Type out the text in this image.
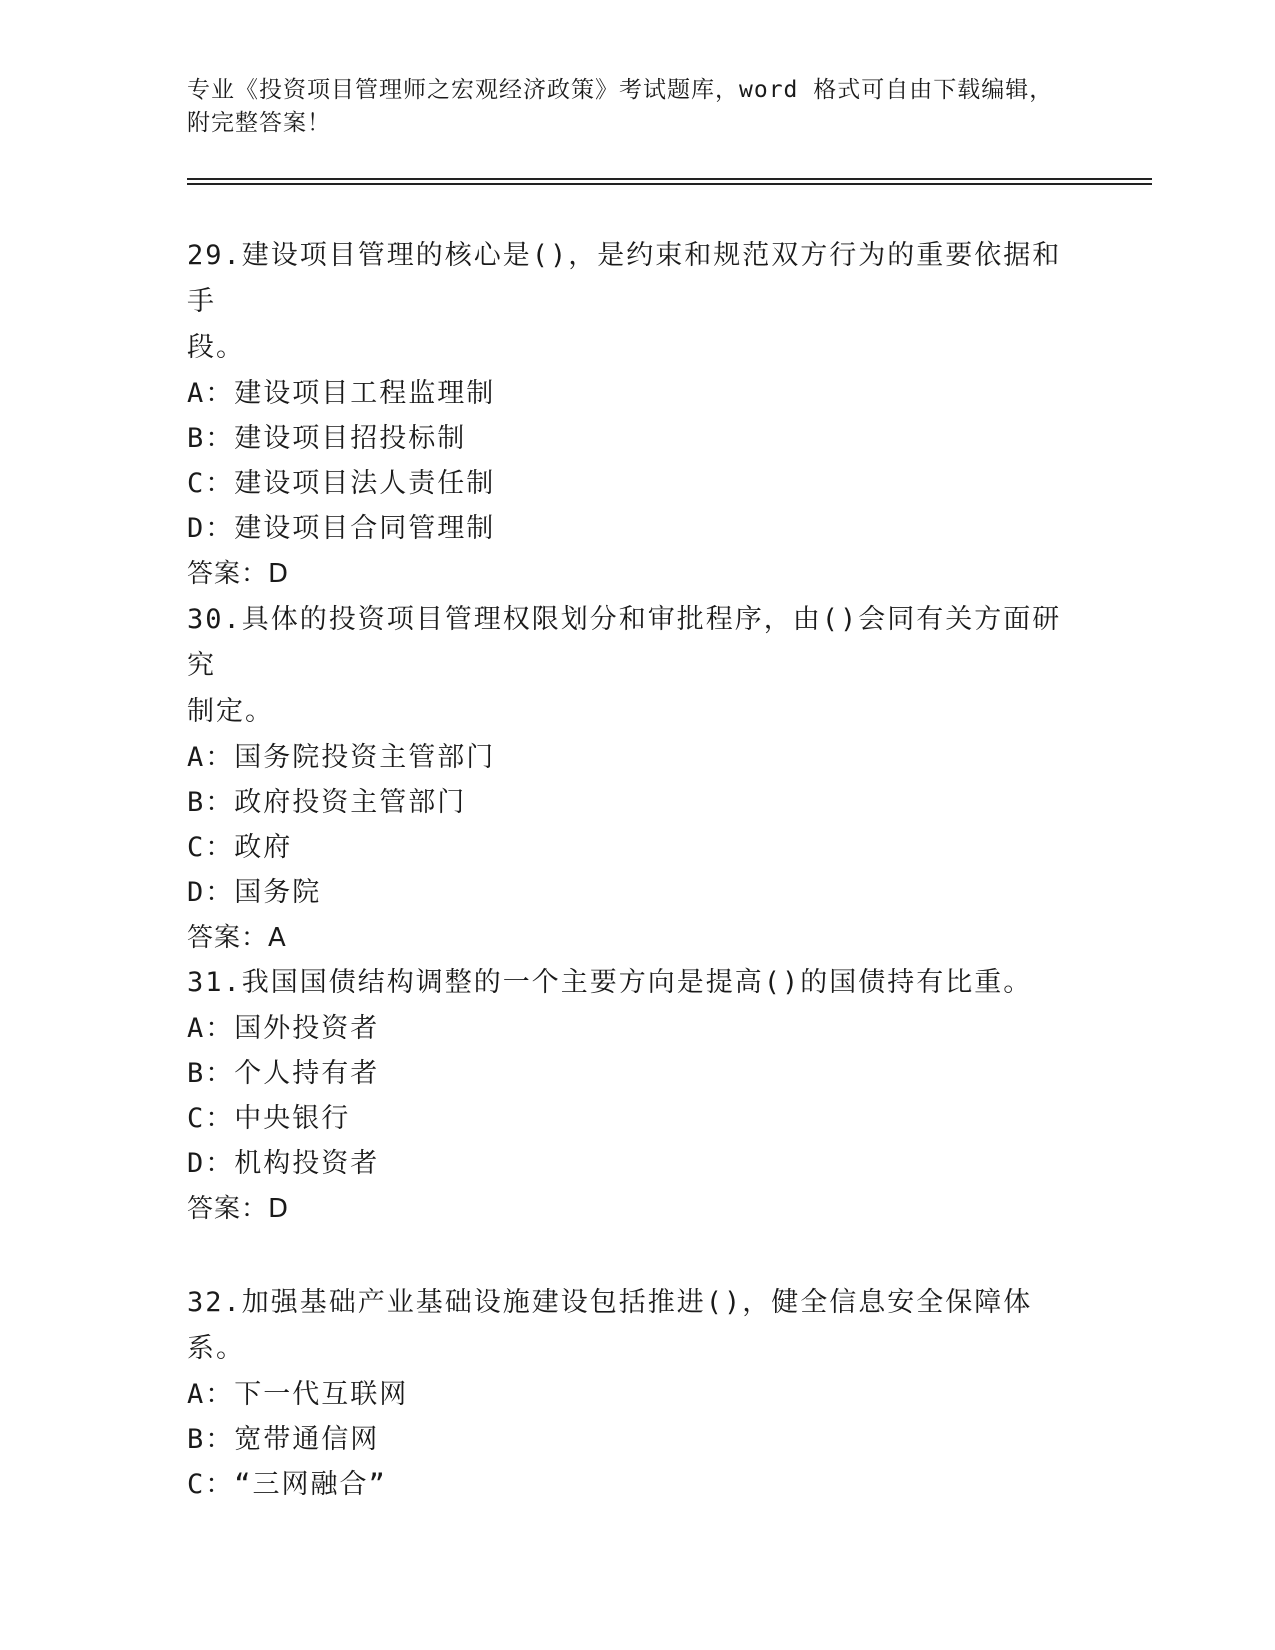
专业《投资项目管理师之宏观经济政策》考试题库，word 格式可自由下载编辑，
附完整答案！

29.建设项目管理的核心是()，是约束和规范双方行为的重要依据和手

段。

A：建设项目工程监理制

B：建设项目招投标制

C：建设项目法人责任制

D：建设项目合同管理制

答案：D

30.具体的投资项目管理权限划分和审批程序，由()会同有关方面研究

制定。

A：国务院投资主管部门

B：政府投资主管部门

C：政府

D：国务院

答案：A

31.我国国债结构调整的一个主要方向是提高()的国债持有比重。

A：国外投资者

B：个人持有者

C：中央银行

D：机构投资者

答案：D

32.加强基础产业基础设施建设包括推进()，健全信息安全保障体系。

A：下一代互联网

B：宽带通信网

C：“三网融合”
